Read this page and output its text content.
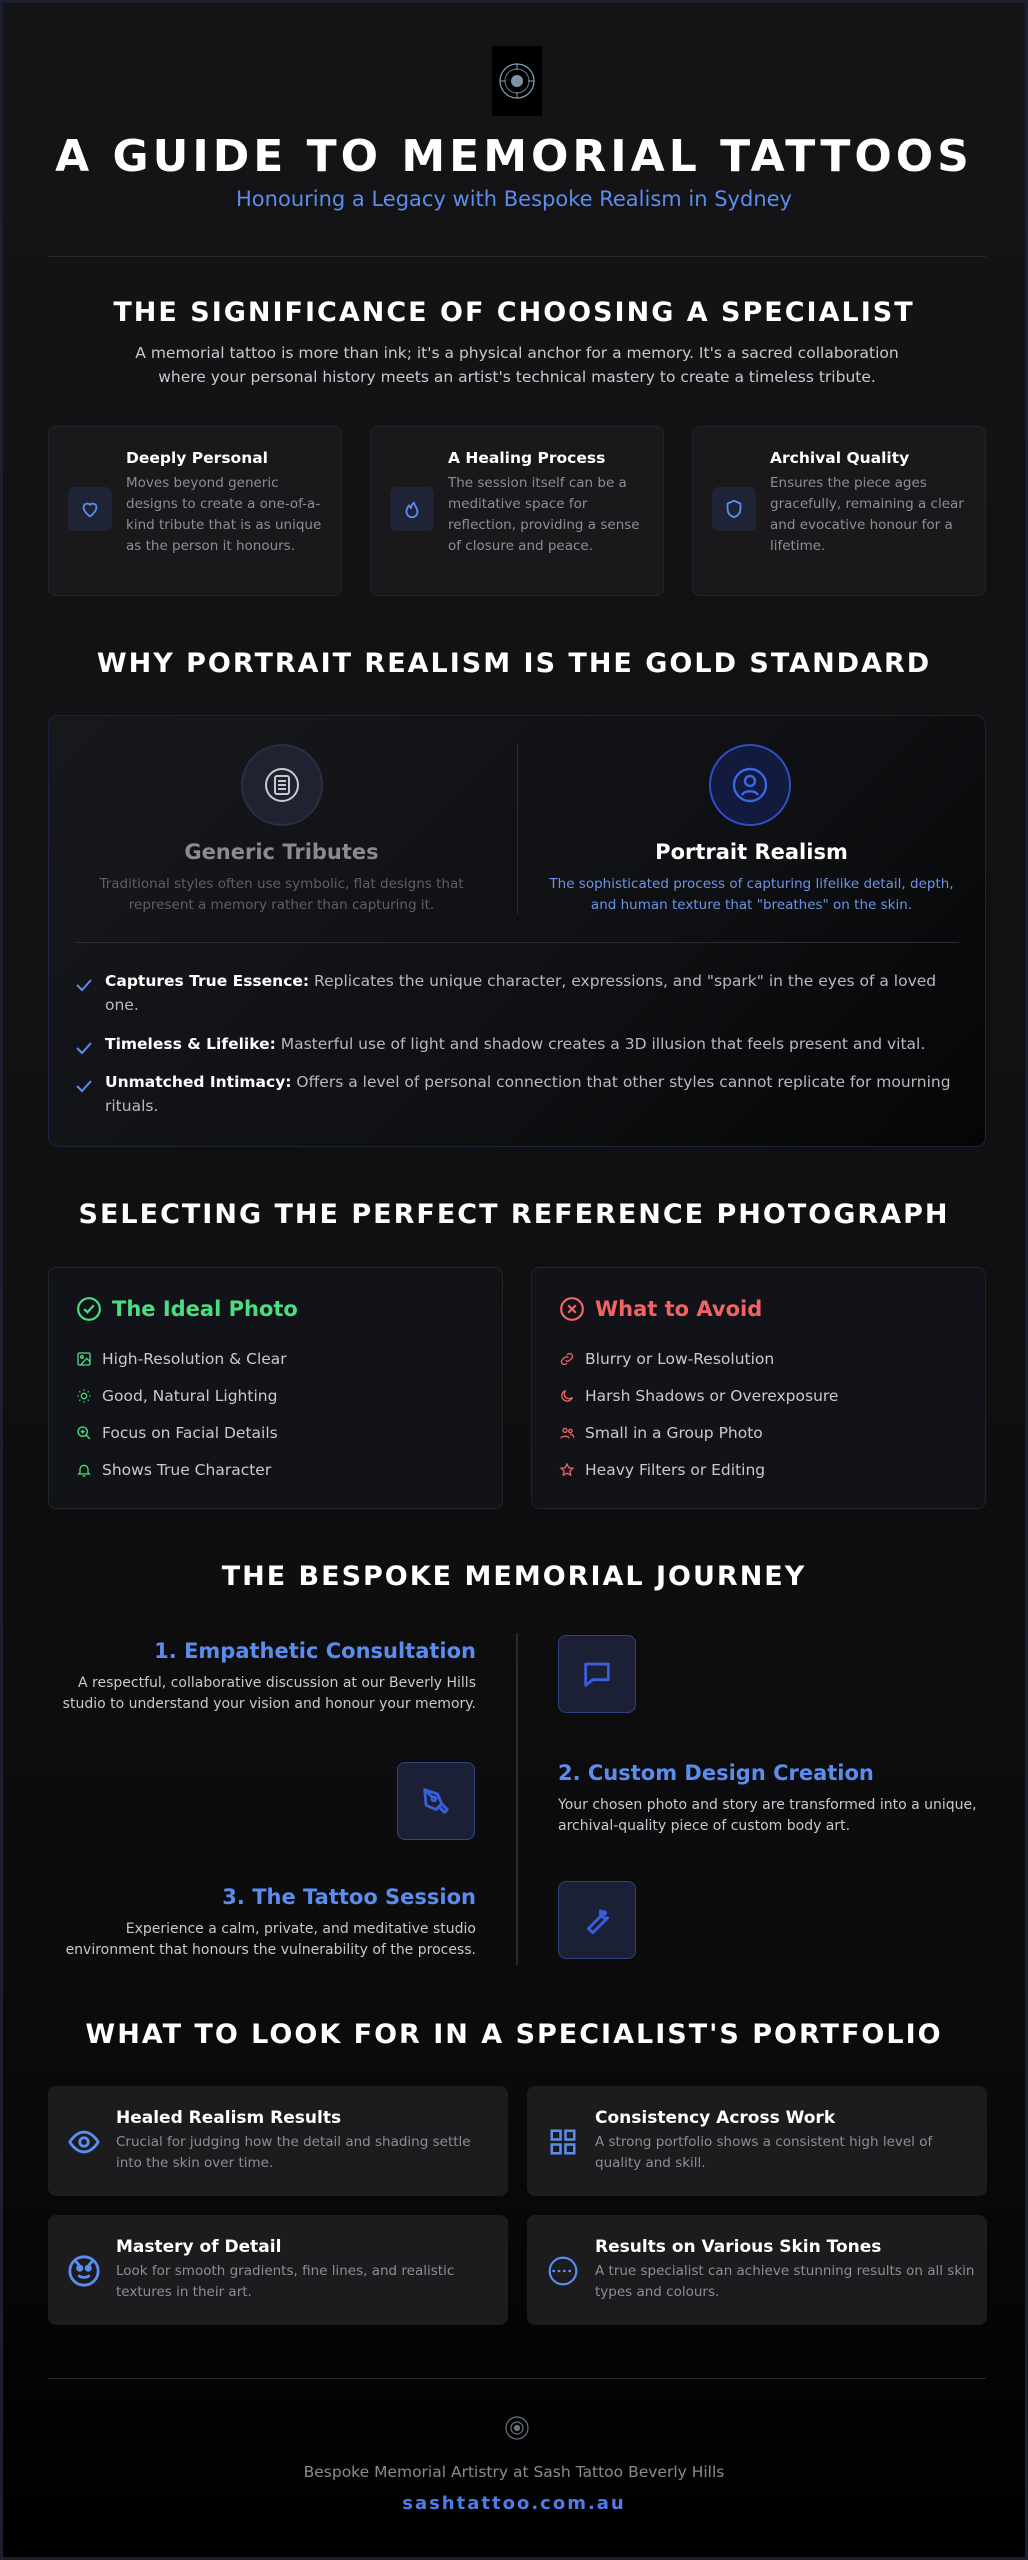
A GUIDE TO MEMORIAL TATTOOS
Honouring a Legacy with Bespoke Realism in Sydney
THE SIGNIFICANCE OF CHOOSING A SPECIALIST
A memorial tattoo is more than ink; it's a physical anchor for a memory. It's a sacred collaboration where your personal history meets an artist's technical mastery to create a timeless tribute.
Deeply Personal
Moves beyond generic designs to create a one-of-a-kind tribute that is as unique as the person it honours.
A Healing Process
The session itself can be a meditative space for reflection, providing a sense of closure and peace.
Archival Quality
Ensures the piece ages gracefully, remaining a clear and evocative honour for a lifetime.
WHY PORTRAIT REALISM IS THE GOLD STANDARD
Generic Tributes
Traditional styles often use symbolic, flat designs that represent a memory rather than capturing it.
Portrait Realism
The sophisticated process of capturing lifelike detail, depth, and human texture that "breathes" on the skin.
Captures True Essence: Replicates the unique character, expressions, and "spark" in the eyes of a loved one.
Timeless & Lifelike: Masterful use of light and shadow creates a 3D illusion that feels present and vital.
Unmatched Intimacy: Offers a level of personal connection that other styles cannot replicate for mourning rituals.
SELECTING THE PERFECT REFERENCE PHOTOGRAPH
The Ideal Photo
High-Resolution & Clear
Good, Natural Lighting
Focus on Facial Details
Shows True Character
What to Avoid
Blurry or Low-Resolution
Harsh Shadows or Overexposure
Small in a Group Photo
Heavy Filters or Editing
THE BESPOKE MEMORIAL JOURNEY
1. Empathetic Consultation
A respectful, collaborative discussion at our Beverly Hills studio to understand your vision and honour your memory.
2. Custom Design Creation
Your chosen photo and story are transformed into a unique, archival-quality piece of custom body art.
3. The Tattoo Session
Experience a calm, private, and meditative studio environment that honours the vulnerability of the process.
WHAT TO LOOK FOR IN A SPECIALIST'S PORTFOLIO
Healed Realism Results
Crucial for judging how the detail and shading settle into the skin over time.
Consistency Across Work
A strong portfolio shows a consistent high level of quality and skill.
Mastery of Detail
Look for smooth gradients, fine lines, and realistic textures in their art.
Results on Various Skin Tones
A true specialist can achieve stunning results on all skin types and colours.
Bespoke Memorial Artistry at Sash Tattoo Beverly Hills
sashtattoo.com.au
